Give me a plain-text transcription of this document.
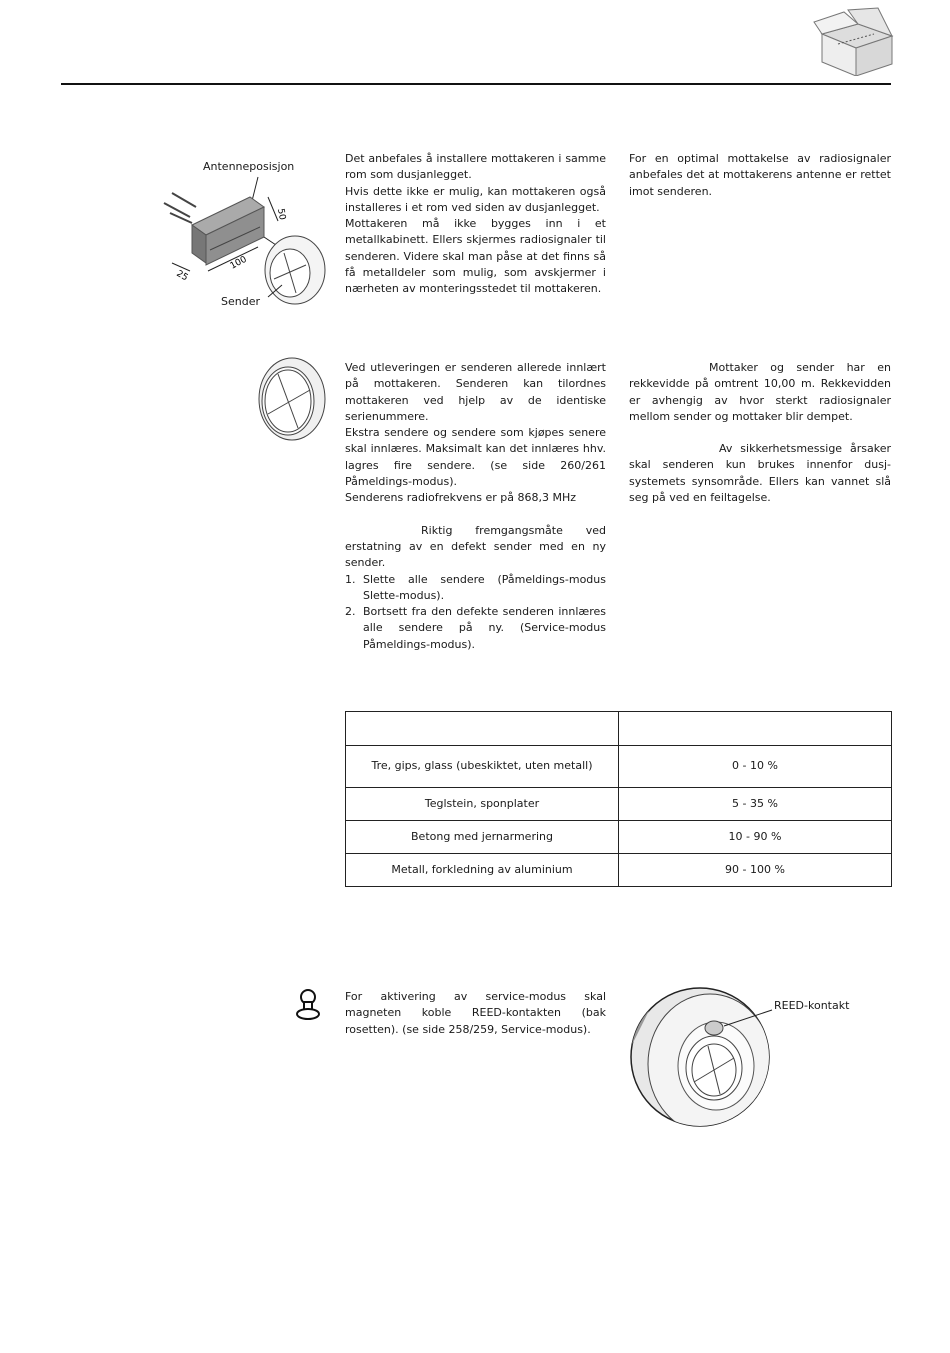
Antenneposisjon
50
100
25
Sender

Det anbefales å installere mottakeren i samme rom som dusjanlegget.

Hvis dette ikke er mulig, kan mottakeren også installeres i et rom ved siden av dusjanlegget.

Mottakeren må ikke bygges inn i et metallkabinett. Ellers skjermes radiosignaler til senderen. Videre skal man påse at det finns så få metalldeler som mulig, som avskjermer i nærheten av monteringsstedet til mottakeren.

For en optimal mottakelse av radiosignaler anbefales det at mottakerens antenne er rettet imot senderen.

Ved utleveringen er senderen allerede innlært på mottakeren. Senderen kan tilordnes mottakeren ved hjelp av de identiske serienummere.

Ekstra sendere og sendere som kjøpes senere skal innlæres. Maksimalt kan det innlæres hhv. lagres fire sendere. (se side 260/261 Påmeldings-modus).

Senderens radiofrekvens er på 868,3 MHz

Riktig fremgangsmåte ved erstatning av en defekt sender med en ny sender.

1. Slette alle sendere (Påmeldings-modus Slette-modus).
2. Bortsett fra den defekte senderen innlæres alle sendere på ny. (Service-modus Påmeldings-modus).

Mottaker og sender har en rekkevidde på omtrent 10,00 m. Rekkevidden er avhengig av hvor sterkt radiosignaler mellom sender og mottaker blir dempet.

Av sikkerhetsmessige årsaker skal senderen kun brukes innenfor dusj-systemets synsområde. Ellers kan vannet slå seg på ved en feiltagelse.

Tre, gips, glass (ubeskiktet, uten metall)	0 - 10 %
Teglstein, sponplater	5 - 35 %
Betong med jernarmering	10 - 90 %
Metall, forkledning av aluminium	90 - 100 %

For aktivering av service-modus skal magneten koble REED-kontakten (bak rosetten). (se side 258/259, Service-modus).

REED-kontakt
